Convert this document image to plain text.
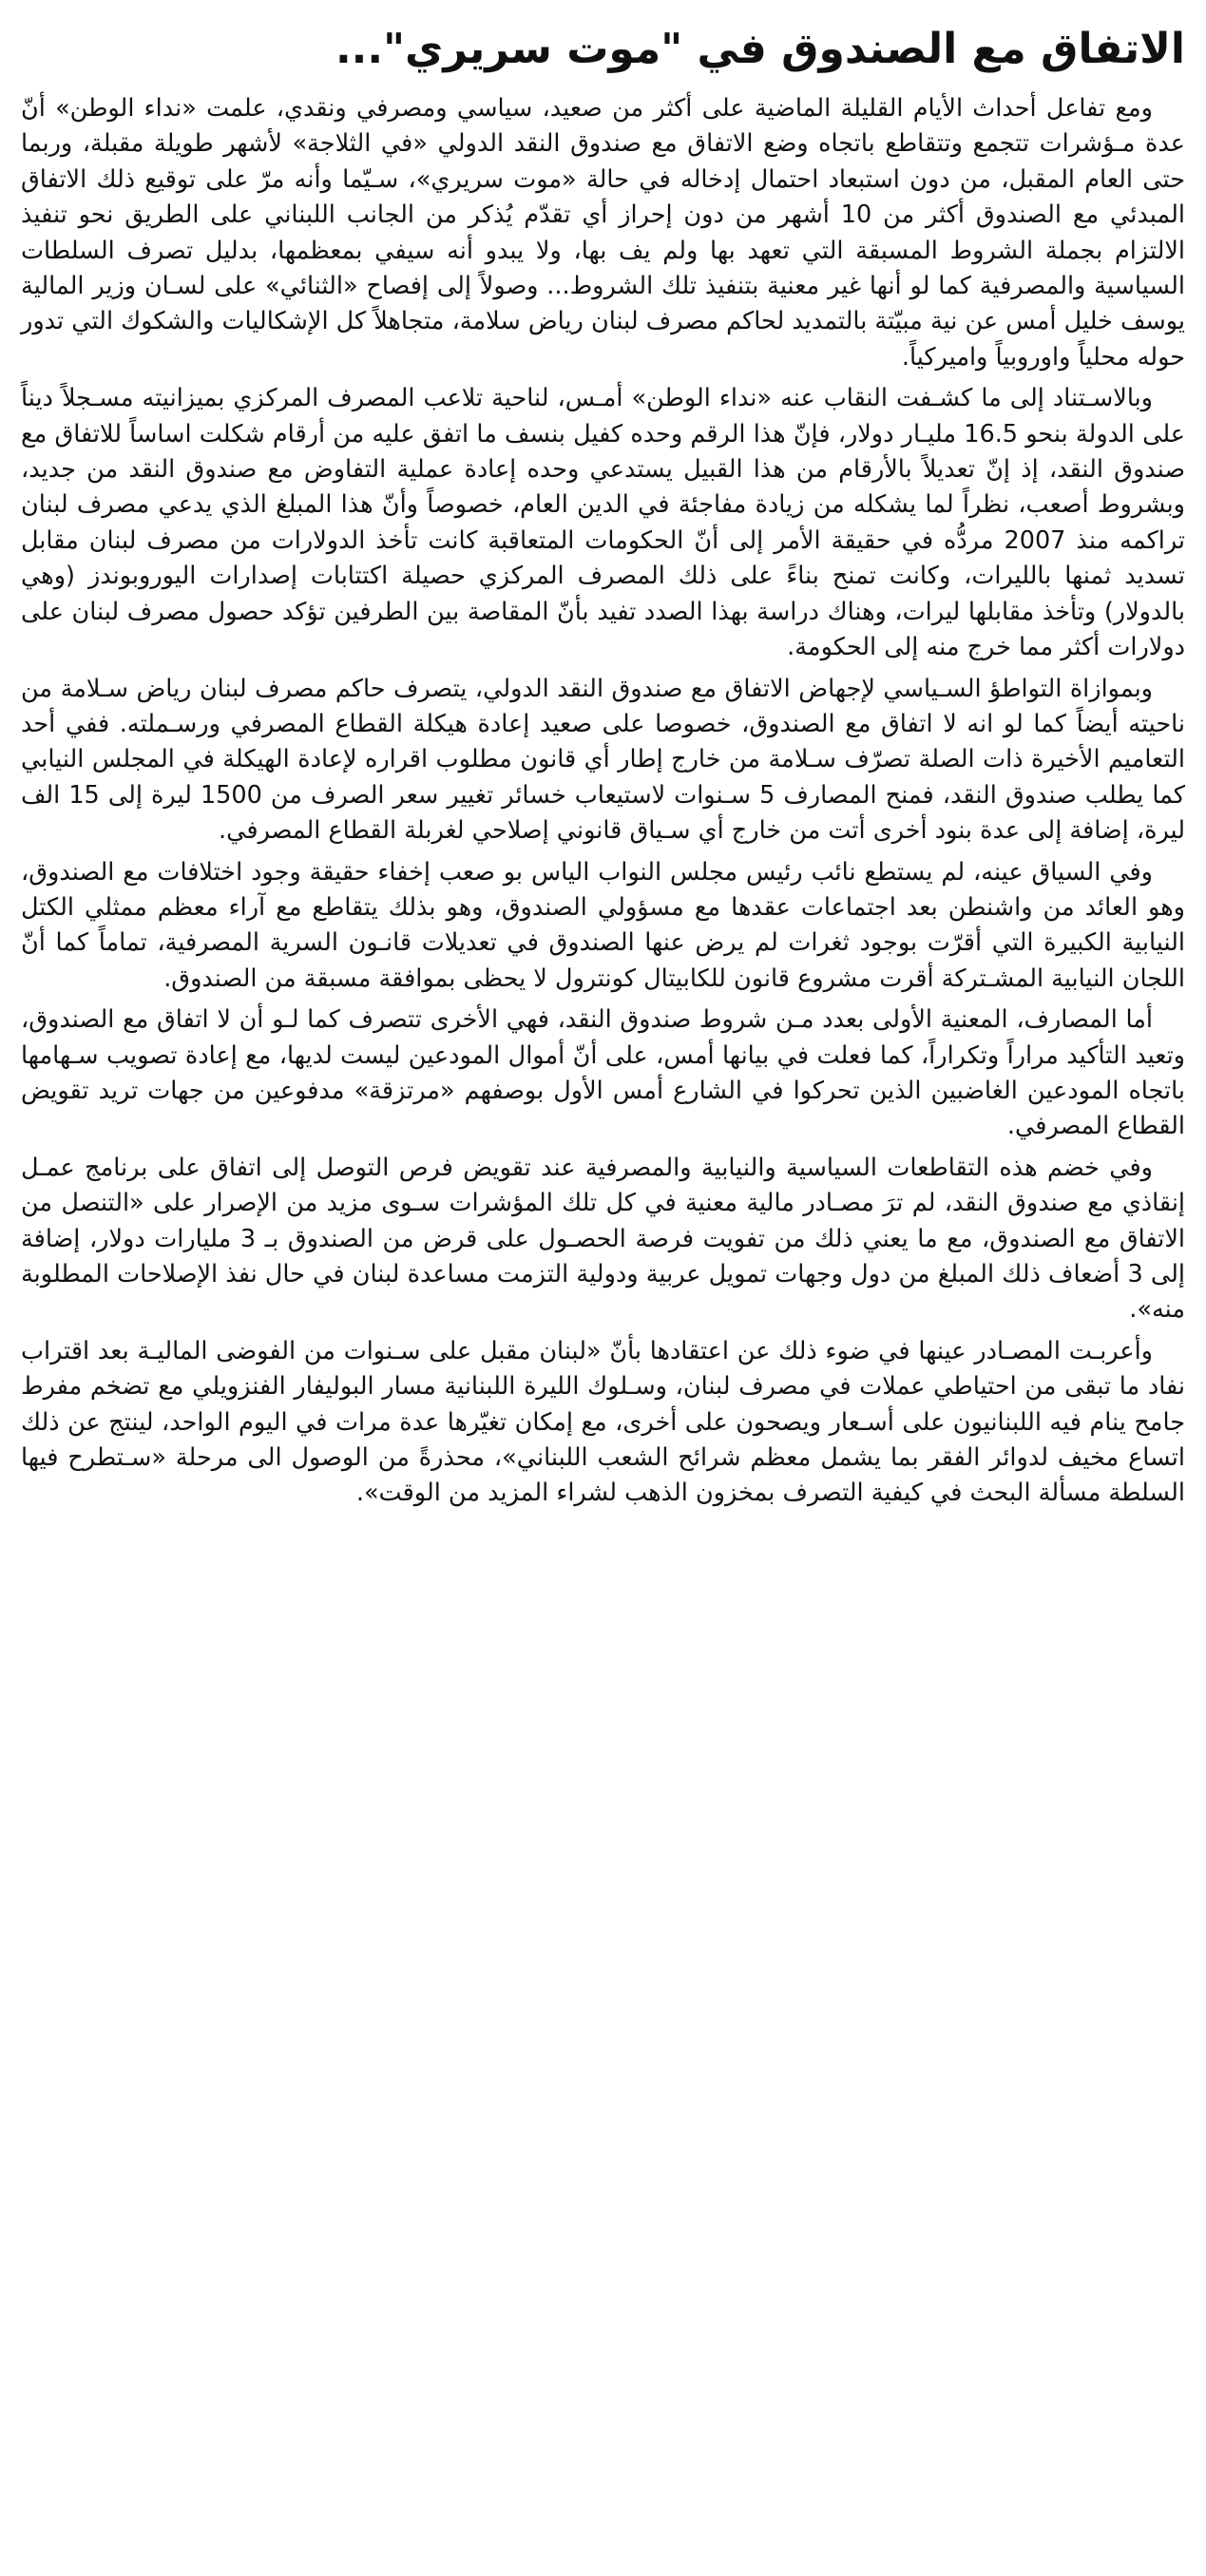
الاتفاق مع الصندوق في "موت سريري"...

ومع تفاعل أحداث الأيام القليلة الماضية على أكثر من صعيد، سياسي ومصرفي ونقدي، علمت «نداء الوطن» أنّ عدة مـؤشرات تتجمع وتتقاطع باتجاه وضع الاتفاق مع صندوق النقد الدولي «في الثلاجة» لأشهر طويلة مقبلة، وربما حتى العام المقبل، من دون استبعاد احتمال إدخاله في حالة «موت سريري»، سـيّما وأنه مرّ على توقيع ذلك الاتفاق المبدئي مع الصندوق أكثر من 10 أشهر من دون إحراز أي تقدّم يُذكر من الجانب اللبناني على الطريق نحو تنفيذ الالتزام بجملة الشروط المسبقة التي تعهد بها ولم يف بها، ولا يبدو أنه سيفي بمعظمها، بدليل تصرف السلطات السياسية والمصرفية كما لو أنها غير معنية بتنفيذ تلك الشروط... وصولاً إلى إفصاح «الثنائي» على لسـان وزير المالية يوسف خليل أمس عن نية مبيّتة بالتمديد لحاكم مصرف لبنان رياض سلامة، متجاهلاً كل الإشكاليات والشكوك التي تدور حوله محلياً واوروبياً واميركياً.

وبالاسـتناد إلى ما كشـفت النقاب عنه «نداء الوطن» أمـس، لناحية تلاعب المصرف المركزي بميزانيته مسـجلاً ديناً على الدولة بنحو 16.5 مليـار دولار، فإنّ هذا الرقم وحده كفيل بنسف ما اتفق عليه من أرقام شكلت اساساً للاتفاق مع صندوق النقد، إذ إنّ تعديلاً بالأرقام من هذا القبيل يستدعي وحده إعادة عملية التفاوض مع صندوق النقد من جديد، وبشروط أصعب، نظراً لما يشكله من زيادة مفاجئة في الدين العام، خصوصاً وأنّ هذا المبلغ الذي يدعي مصرف لبنان تراكمه منذ 2007 مردُّه في حقيقة الأمر إلى أنّ الحكومات المتعاقبة كانت تأخذ الدولارات من مصرف لبنان مقابل تسديد ثمنها بالليرات، وكانت تمنح بناءً على ذلك المصرف المركزي حصيلة اكتتابات إصدارات اليوروبوندز (وهي بالدولار) وتأخذ مقابلها ليرات، وهناك دراسة بهذا الصدد تفيد بأنّ المقاصة بين الطرفين تؤكد حصول مصرف لبنان على دولارات أكثر مما خرج منه إلى الحكومة.

وبموازاة التواطؤ السـياسي لإجهاض الاتفاق مع صندوق النقد الدولي، يتصرف حاكم مصرف لبنان رياض سـلامة من ناحيته أيضاً كما لو انه لا اتفاق مع الصندوق، خصوصا على صعيد إعادة هيكلة القطاع المصرفي ورسـملته. ففي أحد التعاميم الأخيرة ذات الصلة تصرّف سـلامة من خارج إطار أي قانون مطلوب اقراره لإعادة الهيكلة في المجلس النيابي كما يطلب صندوق النقد، فمنح المصارف 5 سـنوات لاستيعاب خسائر تغيير سعر الصرف من 1500 ليرة إلى 15 الف ليرة، إضافة إلى عدة بنود أخرى أتت من خارج أي سـياق قانوني إصلاحي لغربلة القطاع المصرفي.

وفي السياق عينه، لم يستطع نائب رئيس مجلس النواب الياس بو صعب إخفاء حقيقة وجود اختلافات مع الصندوق، وهو العائد من واشنطن بعد اجتماعات عقدها مع مسؤولي الصندوق، وهو بذلك يتقاطع مع آراء معظم ممثلي الكتل النيابية الكبيرة التي أقرّت بوجود ثغرات لم يرض عنها الصندوق في تعديلات قانـون السرية المصرفية، تماماً كما أنّ اللجان النيابية المشـتركة أقرت مشروع قانون للكابيتال كونترول لا يحظى بموافقة مسبقة من الصندوق.

أما المصارف، المعنية الأولى بعدد مـن شروط صندوق النقد، فهي الأخرى تتصرف كما لـو أن لا اتفاق مع الصندوق، وتعيد التأكيد مراراً وتكراراً، كما فعلت في بيانها أمس، على أنّ أموال المودعين ليست لديها، مع إعادة تصويب سـهامها باتجاه المودعين الغاضبين الذين تحركوا في الشارع أمس الأول بوصفهم «مرتزقة» مدفوعين من جهات تريد تقويض القطاع المصرفي.

وفي خضم هذه التقاطعات السياسية والنيابية والمصرفية عند تقويض فرص التوصل إلى اتفاق على برنامج عمـل إنقاذي مع صندوق النقد، لم ترَ مصـادر مالية معنية في كل تلك المؤشرات سـوى مزيد من الإصرار على «التنصل من الاتفاق مع الصندوق، مع ما يعني ذلك من تفويت فرصة الحصـول على قرض من الصندوق بـ 3 مليارات دولار، إضافة إلى 3 أضعاف ذلك المبلغ من دول وجهات تمويل عربية ودولية التزمت مساعدة لبنان في حال نفذ الإصلاحات المطلوبة منه».

وأعربـت المصـادر عينها في ضوء ذلك عن اعتقادها بأنّ «لبنان مقبل على سـنوات من الفوضى الماليـة بعد اقتراب نفاد ما تبقى من احتياطي عملات في مصرف لبنان، وسـلوك الليرة اللبنانية مسار البوليفار الفنزويلي مع تضخم مفرط جامح ينام فيه اللبنانيون على أسـعار ويصحون على أخرى، مع إمكان تغيّرها عدة مرات في اليوم الواحد، لينتج عن ذلك اتساع مخيف لدوائر الفقر بما يشمل معظم شرائح الشعب اللبناني»، محذرةً من الوصول الى مرحلة «سـتطرح فيها السلطة مسألة البحث في كيفية التصرف بمخزون الذهب لشراء المزيد من الوقت».
